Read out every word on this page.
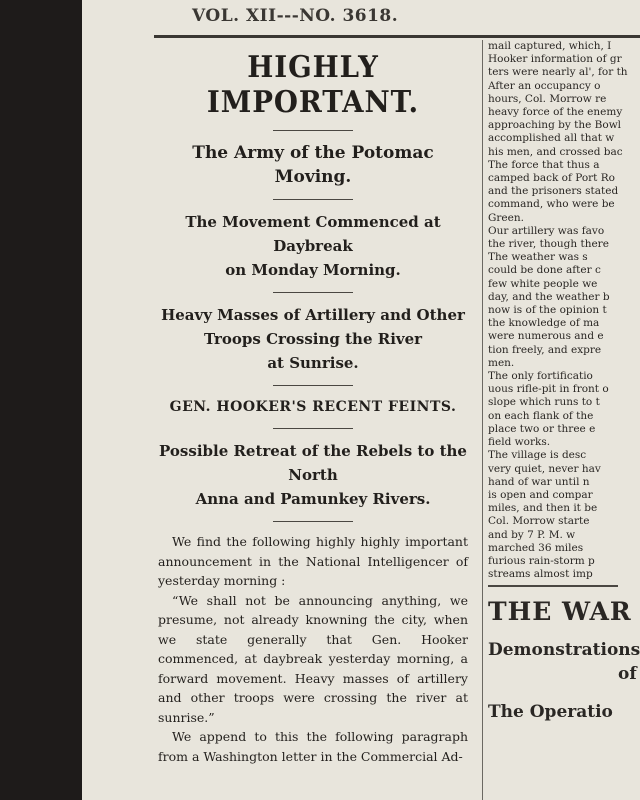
VOL. XII---NO. 3618.
HIGHLY IMPORTANT.
The Army of the Potomac
Moving.
The Movement Commenced at Daybreak
on Monday Morning.
Heavy Masses of Artillery and Other
Troops Crossing the River
at Sunrise.
GEN. HOOKER'S RECENT FEINTS.
Possible Retreat of the Rebels to the North
Anna and Pamunkey Rivers.

We find the following highly highly important announcement in the National Intelligencer of yesterday morning :

“We shall not be announcing anything, we presume, not already knowning the city, when we state generally that Gen. Hooker commenced, at daybreak yesterday morning, a forward movement. Heavy masses of artillery and other troops were crossing the river at sunrise.”

We append to this the following paragraph from a Washington letter in the Commercial Ad-

mail captured, which, I
Hooker information of gr
ters were nearly al', for th
After an occupancy o
hours, Col. Morrow re
heavy force of the enemy
approaching by the Bowl
accomplished all that w
his men, and crossed bac
The force that thus a
camped back of Port Ro
and the prisoners stated
command, who were be
Green.
Our artillery was favo
the river, though there
The weather was s
could be done after c
few white people we
day, and the weather b
now is of the opinion t
the knowledge of ma
were numerous and e
tion freely, and expre
men.
The only fortificatio
uous rifle-pit in front o
slope which runs to t
on each flank of the
place two or three e
field works.
The village is desc
very quiet, never hav
hand of war until n
is open and compar
miles, and then it be
Col. Morrow starte
and by 7 P. M. w
marched 36 miles
furious rain-storm p
streams almost imp
THE WAR
Demonstrations
of
The Operatio
